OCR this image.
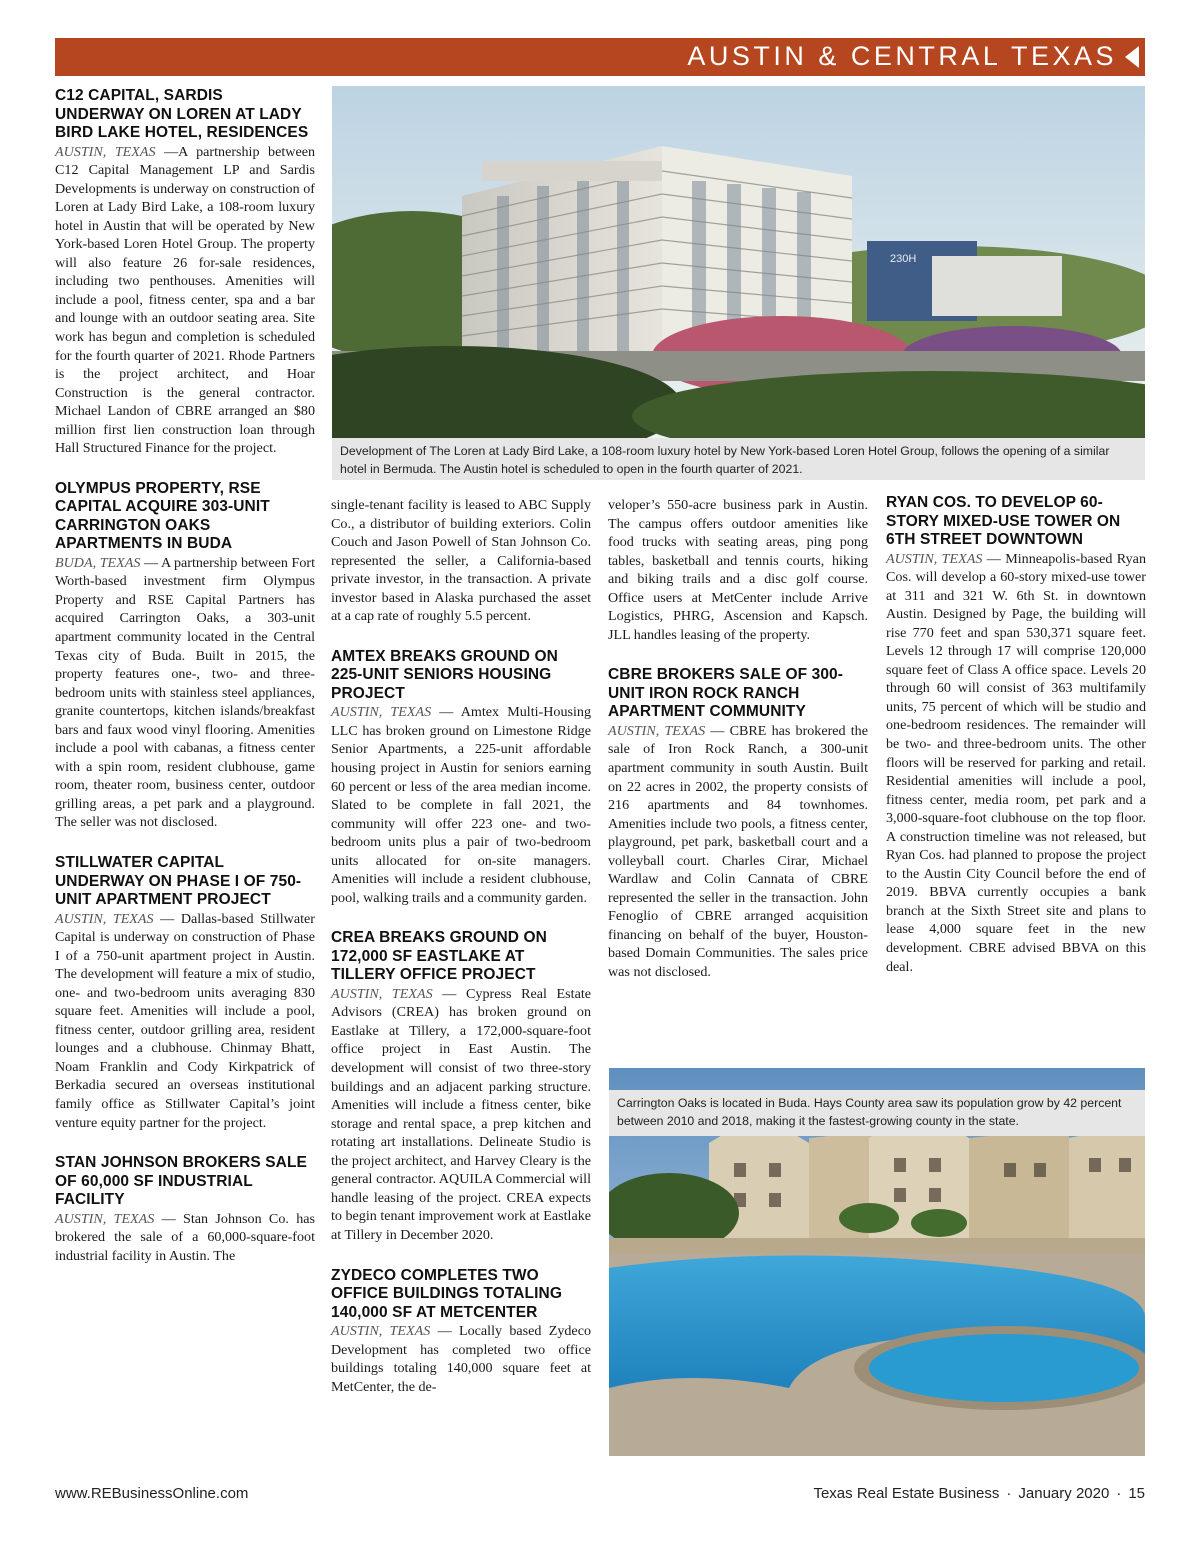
AUSTIN & CENTRAL TEXAS
C12 CAPITAL, SARDIS UNDERWAY ON LOREN AT LADY BIRD LAKE HOTEL, RESIDENCES

AUSTIN, TEXAS —A partnership between C12 Capital Management LP and Sardis Developments is underway on construction of Loren at Lady Bird Lake, a 108-room luxury hotel in Austin that will be operated by New York-based Loren Hotel Group. The property will also feature 26 for-sale residences, including two penthouses. Amenities will include a pool, fitness center, spa and a bar and lounge with an outdoor seating area. Site work has begun and completion is scheduled for the fourth quarter of 2021. Rhode Partners is the project architect, and Hoar Construction is the general contractor. Michael Landon of CBRE arranged an $80 million first lien construction loan through Hall Structured Finance for the project.

OLYMPUS PROPERTY, RSE CAPITAL ACQUIRE 303-UNIT CARRINGTON OAKS APARTMENTS IN BUDA

BUDA, TEXAS — A partnership between Fort Worth-based investment firm Olympus Property and RSE Capital Partners has acquired Carrington Oaks, a 303-unit apartment community located in the Central Texas city of Buda. Built in 2015, the property features one-, two- and three-bedroom units with stainless steel appliances, granite countertops, kitchen islands/breakfast bars and faux wood vinyl flooring. Amenities include a pool with cabanas, a fitness center with a spin room, resident clubhouse, game room, theater room, business center, outdoor grilling areas, a pet park and a playground. The seller was not disclosed.

STILLWATER CAPITAL UNDERWAY ON PHASE I OF 750-UNIT APARTMENT PROJECT

AUSTIN, TEXAS — Dallas-based Stillwater Capital is underway on construction of Phase I of a 750-unit apartment project in Austin. The development will feature a mix of studio, one- and two-bedroom units averaging 830 square feet. Amenities will include a pool, fitness center, outdoor grilling area, resident lounges and a clubhouse. Chinmay Bhatt, Noam Franklin and Cody Kirkpatrick of Berkadia secured an overseas institutional family office as Stillwater Capital’s joint venture equity partner for the project.

STAN JOHNSON BROKERS SALE OF 60,000 SF INDUSTRIAL FACILITY

AUSTIN, TEXAS — Stan Johnson Co. has brokered the sale of a 60,000-square-foot industrial facility in Austin. The

230H
Development of The Loren at Lady Bird Lake, a 108-room luxury hotel by New York-based Loren Hotel Group, follows the opening of a similar hotel in Bermuda. The Austin hotel is scheduled to open in the fourth quarter of 2021.

single-tenant facility is leased to ABC Supply Co., a distributor of building exteriors. Colin Couch and Jason Powell of Stan Johnson Co. represented the seller, a California-based private investor, in the transaction. A private investor based in Alaska purchased the asset at a cap rate of roughly 5.5 percent.

AMTEX BREAKS GROUND ON 225-UNIT SENIORS HOUSING PROJECT

AUSTIN, TEXAS — Amtex Multi-Housing LLC has broken ground on Limestone Ridge Senior Apartments, a 225-unit affordable housing project in Austin for seniors earning 60 percent or less of the area median income. Slated to be complete in fall 2021, the community will offer 223 one- and two-bedroom units plus a pair of two-bedroom units allocated for on-site managers. Amenities will include a resident clubhouse, pool, walking trails and a community garden.

CREA BREAKS GROUND ON 172,000 SF EASTLAKE AT TILLERY OFFICE PROJECT

AUSTIN, TEXAS — Cypress Real Estate Advisors (CREA) has broken ground on Eastlake at Tillery, a 172,000-square-foot office project in East Austin. The development will consist of two three-story buildings and an adjacent parking structure. Amenities will include a fitness center, bike storage and rental space, a prep kitchen and rotating art installations. Delineate Studio is the project architect, and Harvey Cleary is the general contractor. AQUILA Commercial will handle leasing of the project. CREA expects to begin tenant improvement work at Eastlake at Tillery in December 2020.

ZYDECO COMPLETES TWO OFFICE BUILDINGS TOTALING 140,000 SF AT METCENTER

AUSTIN, TEXAS — Locally based Zydeco Development has completed two office buildings totaling 140,000 square feet at MetCenter, the de-

veloper’s 550-acre business park in Austin. The campus offers outdoor amenities like food trucks with seating areas, ping pong tables, basketball and tennis courts, hiking and biking trails and a disc golf course. Office users at MetCenter include Arrive Logistics, PHRG, Ascension and Kapsch. JLL handles leasing of the property.

CBRE BROKERS SALE OF 300-UNIT IRON ROCK RANCH APARTMENT COMMUNITY

AUSTIN, TEXAS — CBRE has brokered the sale of Iron Rock Ranch, a 300-unit apartment community in south Austin. Built on 22 acres in 2002, the property consists of 216 apartments and 84 townhomes. Amenities include two pools, a fitness center, playground, pet park, basketball court and a volleyball court. Charles Cirar, Michael Wardlaw and Colin Cannata of CBRE represented the seller in the transaction. John Fenoglio of CBRE arranged acquisition financing on behalf of the buyer, Houston-based Domain Communities. The sales price was not disclosed.

RYAN COS. TO DEVELOP 60-STORY MIXED-USE TOWER ON 6TH STREET DOWNTOWN

AUSTIN, TEXAS — Minneapolis-based Ryan Cos. will develop a 60-story mixed-use tower at 311 and 321 W. 6th St. in downtown Austin. Designed by Page, the building will rise 770 feet and span 530,371 square feet. Levels 12 through 17 will comprise 120,000 square feet of Class A office space. Levels 20 through 60 will consist of 363 multifamily units, 75 percent of which will be studio and one-bedroom residences. The remainder will be two- and three-bedroom units. The other floors will be reserved for parking and retail. Residential amenities will include a pool, fitness center, media room, pet park and a 3,000-square-foot clubhouse on the top floor. A construction timeline was not released, but Ryan Cos. had planned to propose the project to the Austin City Council before the end of 2019. BBVA currently occupies a bank branch at the Sixth Street site and plans to lease 4,000 square feet in the new development. CBRE advised BBVA on this deal.

Carrington Oaks is located in Buda. Hays County area saw its population grow by 42 percent between 2010 and 2018, making it the fastest-growing county in the state.
www.REBusinessOnline.com	Texas Real Estate Business · January 2020 · 15
